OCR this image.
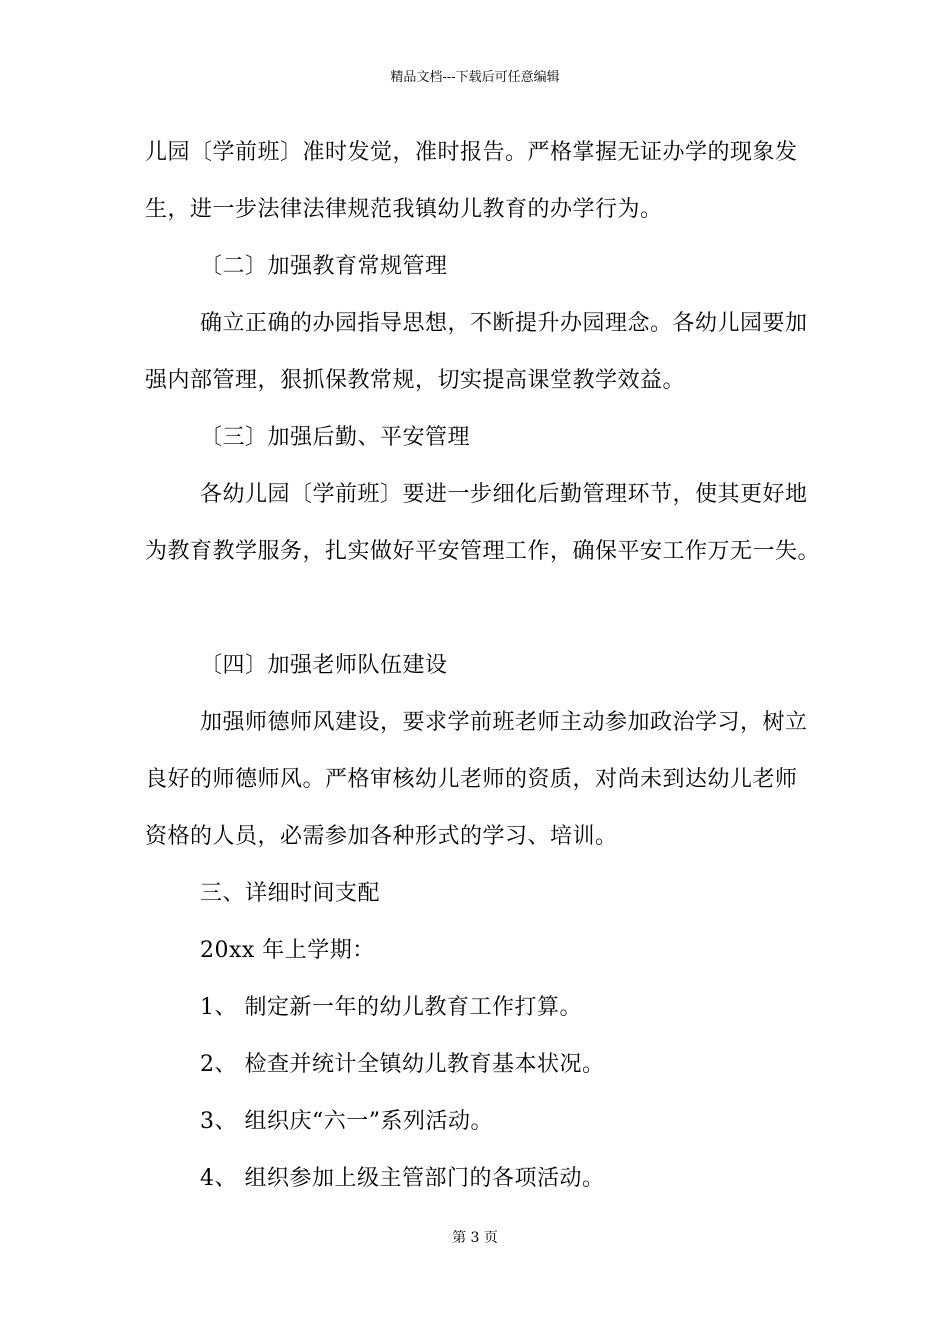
精品文档---下载后可任意编辑
儿园〔学前班〕准时发觉，准时报告。严格掌握无证办学的现象发
生，进一步法律法律规范我镇幼儿教育的办学行为。
〔二〕加强教育常规管理
确立正确的办园指导思想，不断提升办园理念。各幼儿园要加
强内部管理，狠抓保教常规，切实提高课堂教学效益。
〔三〕加强后勤、平安管理
各幼儿园〔学前班〕要进一步细化后勤管理环节，使其更好地
为教育教学服务，扎实做好平安管理工作，确保平安工作万无一失。
〔四〕加强老师队伍建设
加强师德师风建设，要求学前班老师主动参加政治学习，树立
良好的师德师风。严格审核幼儿老师的资质，对尚未到达幼儿老师
资格的人员，必需参加各种形式的学习、培训。
三、详细时间支配
20xx 年上学期：
1、 制定新一年的幼儿教育工作打算。
2、 检查并统计全镇幼儿教育基本状况。
3、 组织庆“六一”系列活动。
4、 组织参加上级主管部门的各项活动。
第 3 页
